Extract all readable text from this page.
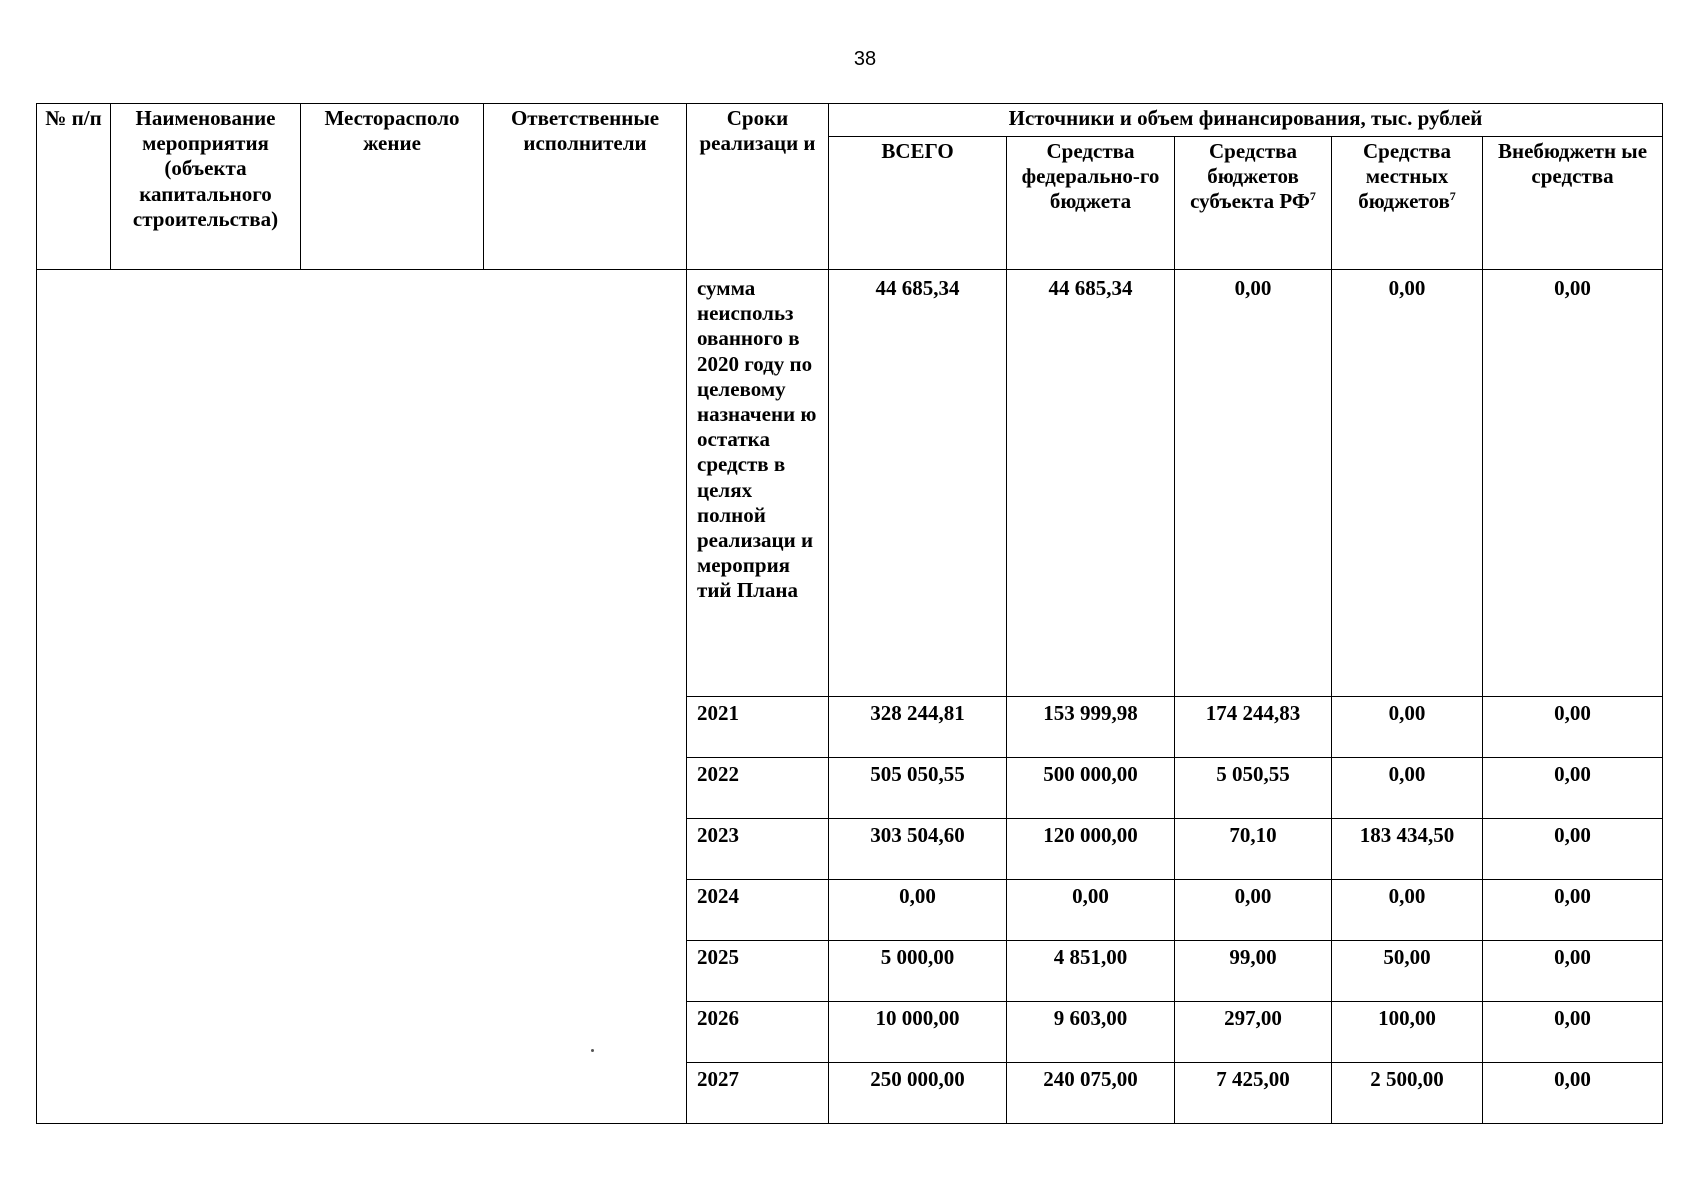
38
№ п/п	Наименование мероприятия (объекта капитального строительства)	Месторасполо жение	Ответственные исполнители	Сроки реализаци и	Источники и объем финансирования, тыс. рублей				
					ВСЕГО	Средства федерально-го бюджета	Средства бюджетов субъекта $РФ^7$	Средства местных бюджетов$^7$	Внебюджетн ые средства
				сумма неиспольз ованного в 2020 году по целевому назначени ю остатка средств в целях полной реализаци и мероприя тий Плана	44 685,34	44 685,34	0,00	0,00	0,00
				2021	328 244,81	153 999,98	174 244,83	0,00	0,00
				2022	505 050,55	500 000,00	5 050,55	0,00	0,00
				2023	303 504,60	120 000,00	70,10	183 434,50	0,00
				2024	0,00	0,00	0,00	0,00	0,00
				2025	5 000,00	4 851,00	99,00	50,00	0,00
				2026	10 000,00	9 603,00	297,00	100,00	0,00
				2027	250 000,00	240 075,00	7 425,00	2 500,00	0,00
